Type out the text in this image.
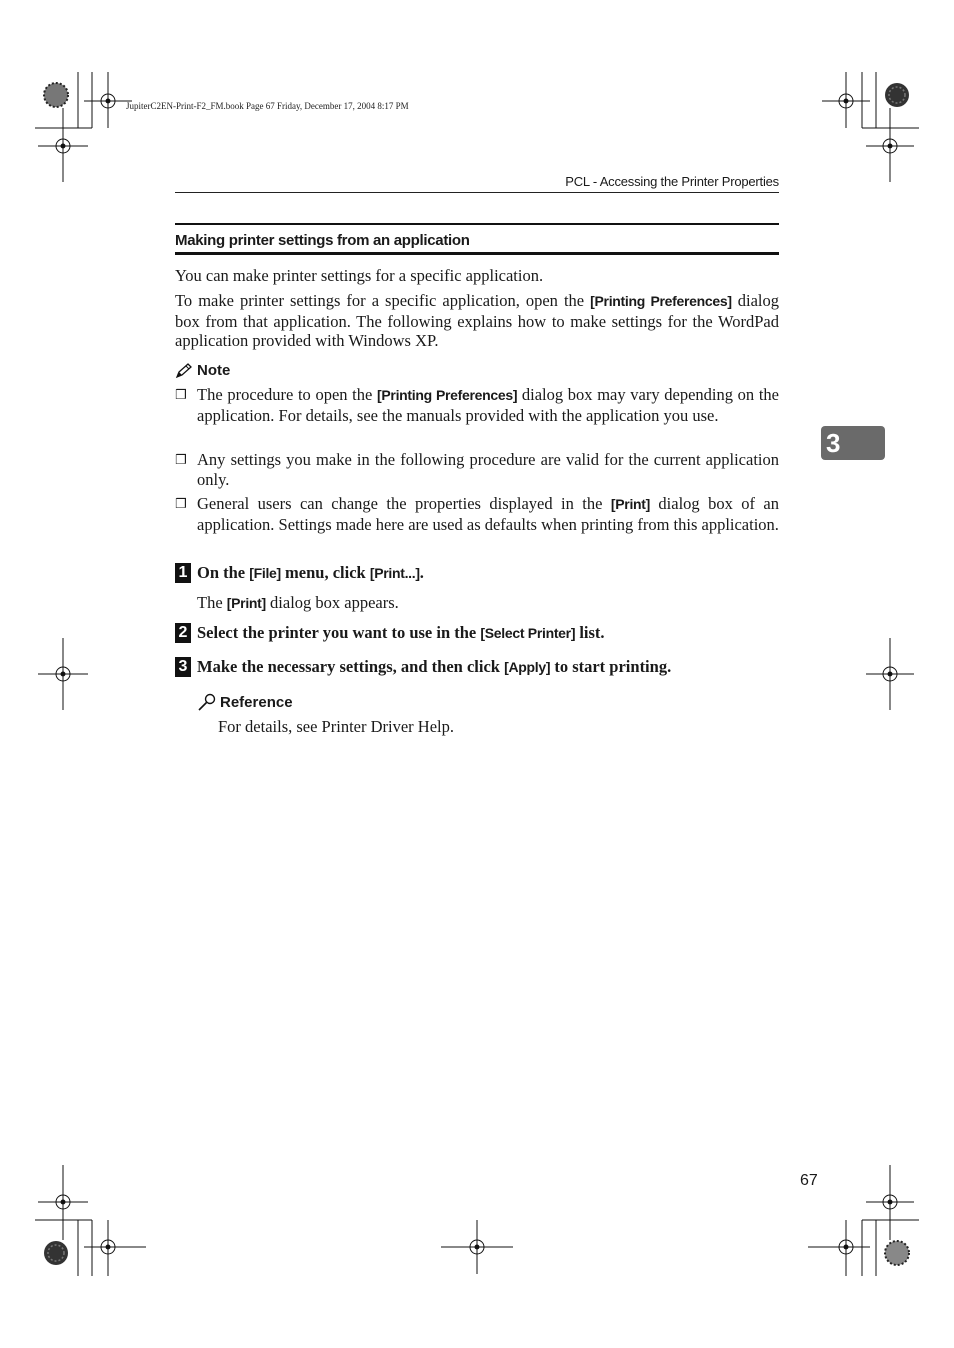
JupiterC2EN-Print-F2_FM.book Page 67 Friday, December 17, 2004 8:17 PM
PCL - Accessing the Printer Properties
Making printer settings from an application
You can make printer settings for a specific application.
To make printer settings for a specific application, open the [Printing Preferences] dialog box from that application. The following explains how to make settings for the WordPad application provided with Windows XP.
Note
❒ The procedure to open the [Printing Preferences] dialog box may vary depending on the application. For details, see the manuals provided with the application you use.
❒ Any settings you make in the following procedure are valid for the current application only.
❒ General users can change the properties displayed in the [Print] dialog box of an application. Settings made here are used as defaults when printing from this application.
1 On the [File] menu, click [Print...].
The [Print] dialog box appears.
2 Select the printer you want to use in the [Select Printer] list.
3 Make the necessary settings, and then click [Apply] to start printing.
Reference
For details, see Printer Driver Help.
3
67
